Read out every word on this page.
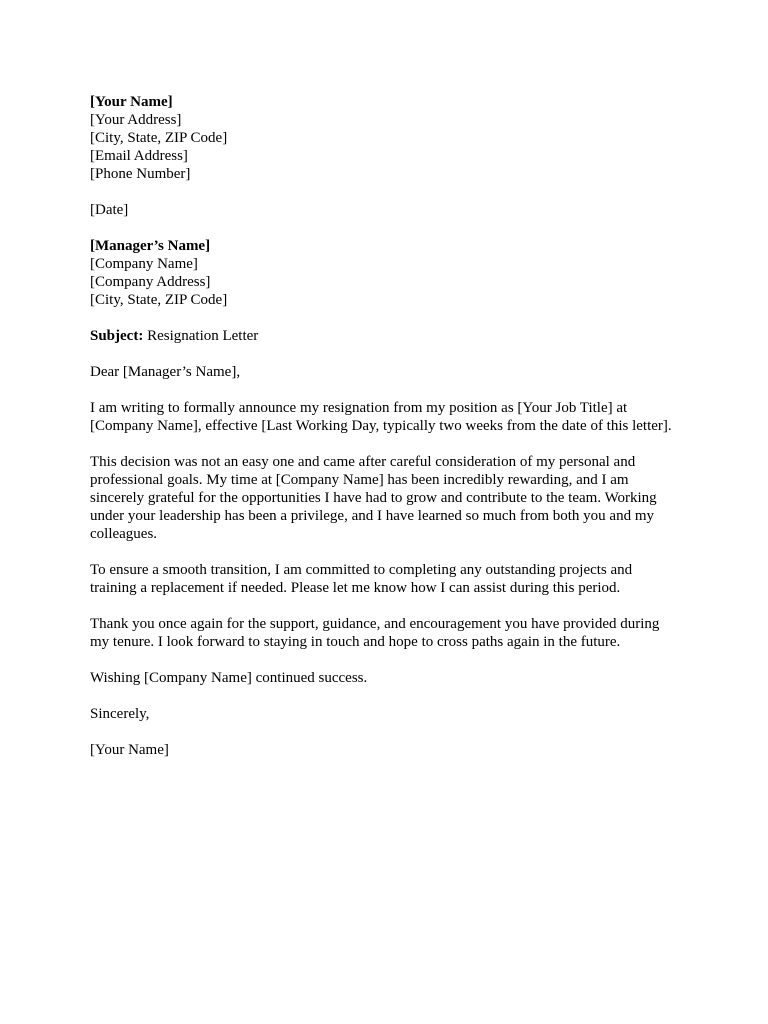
[Your Name]
[Your Address]
[City, State, ZIP Code]
[Email Address]
[Phone Number]
[Date]
[Manager’s Name]
[Company Name]
[Company Address]
[City, State, ZIP Code]
Subject: Resignation Letter
Dear [Manager’s Name],
I am writing to formally announce my resignation from my position as [Your Job Title] at
[Company Name], effective [Last Working Day, typically two weeks from the date of this letter].
This decision was not an easy one and came after careful consideration of my personal and
professional goals. My time at [Company Name] has been incredibly rewarding, and I am
sincerely grateful for the opportunities I have had to grow and contribute to the team. Working
under your leadership has been a privilege, and I have learned so much from both you and my
colleagues.
To ensure a smooth transition, I am committed to completing any outstanding projects and
training a replacement if needed. Please let me know how I can assist during this period.
Thank you once again for the support, guidance, and encouragement you have provided during
my tenure. I look forward to staying in touch and hope to cross paths again in the future.
Wishing [Company Name] continued success.
Sincerely,
[Your Name]
